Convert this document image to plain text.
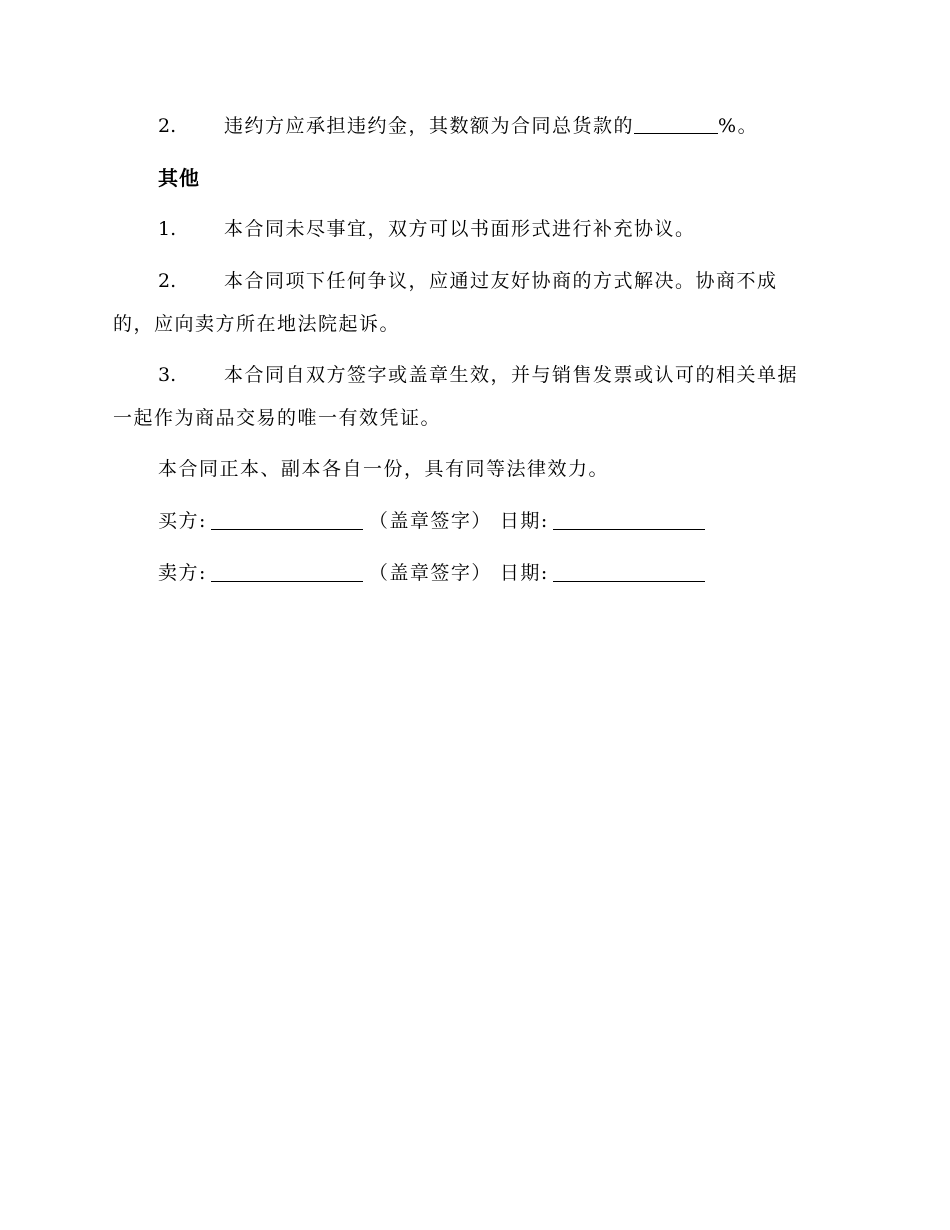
2.	违约方应承担违约金，其数额为合同总货款的	%。
其他
1.	本合同未尽事宜，双方可以书面形式进行补充协议。
2.	本合同项下任何争议，应通过友好协商的方式解决。协商不成
的，应向卖方所在地法院起诉。
3.	本合同自双方签字或盖章生效，并与销售发票或认可的相关单据
一起作为商品交易的唯一有效凭证。
本合同正本、副本各自一份，具有同等法律效力。
买方:	（盖章签字） 日期:
卖方:	（盖章签字） 日期:
